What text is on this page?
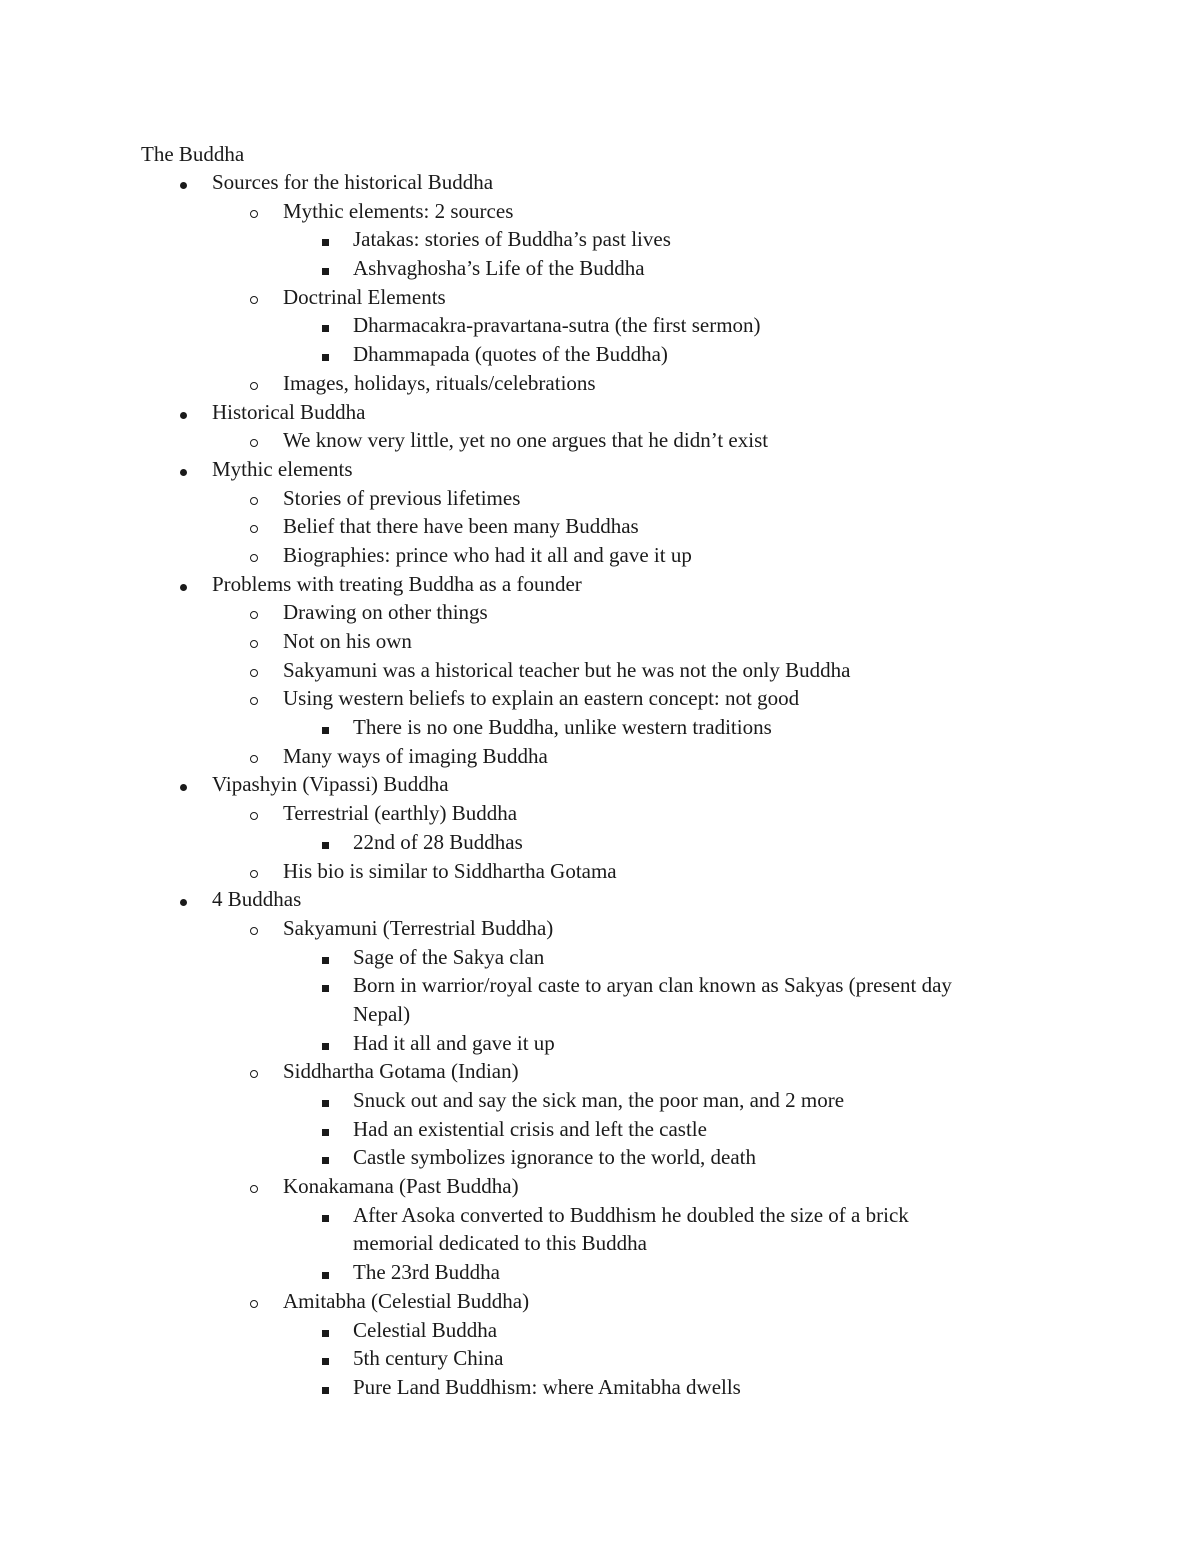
The Buddha
Sources for the historical Buddha
Mythic elements: 2 sources
Jatakas: stories of Buddha’s past lives
Ashvaghosha’s Life of the Buddha
Doctrinal Elements
Dharmacakra-pravartana-sutra (the first sermon)
Dhammapada (quotes of the Buddha)
Images, holidays, rituals/celebrations
Historical Buddha
We know very little, yet no one argues that he didn’t exist
Mythic elements
Stories of previous lifetimes
Belief that there have been many Buddhas
Biographies: prince who had it all and gave it up
Problems with treating Buddha as a founder
Drawing on other things
Not on his own
Sakyamuni was a historical teacher but he was not the only Buddha
Using western beliefs to explain an eastern concept: not good
There is no one Buddha, unlike western traditions
Many ways of imaging Buddha
Vipashyin (Vipassi) Buddha
Terrestrial (earthly) Buddha
22nd of 28 Buddhas
His bio is similar to Siddhartha Gotama
4 Buddhas
Sakyamuni (Terrestrial Buddha)
Sage of the Sakya clan
Born in warrior/royal caste to aryan clan known as Sakyas (present day
Nepal)
Had it all and gave it up
Siddhartha Gotama (Indian)
Snuck out and say the sick man, the poor man, and 2 more
Had an existential crisis and left the castle
Castle symbolizes ignorance to the world, death
Konakamana (Past Buddha)
After Asoka converted to Buddhism he doubled the size of a brick
memorial dedicated to this Buddha
The 23rd Buddha
Amitabha (Celestial Buddha)
Celestial Buddha
5th century China
Pure Land Buddhism: where Amitabha dwells
